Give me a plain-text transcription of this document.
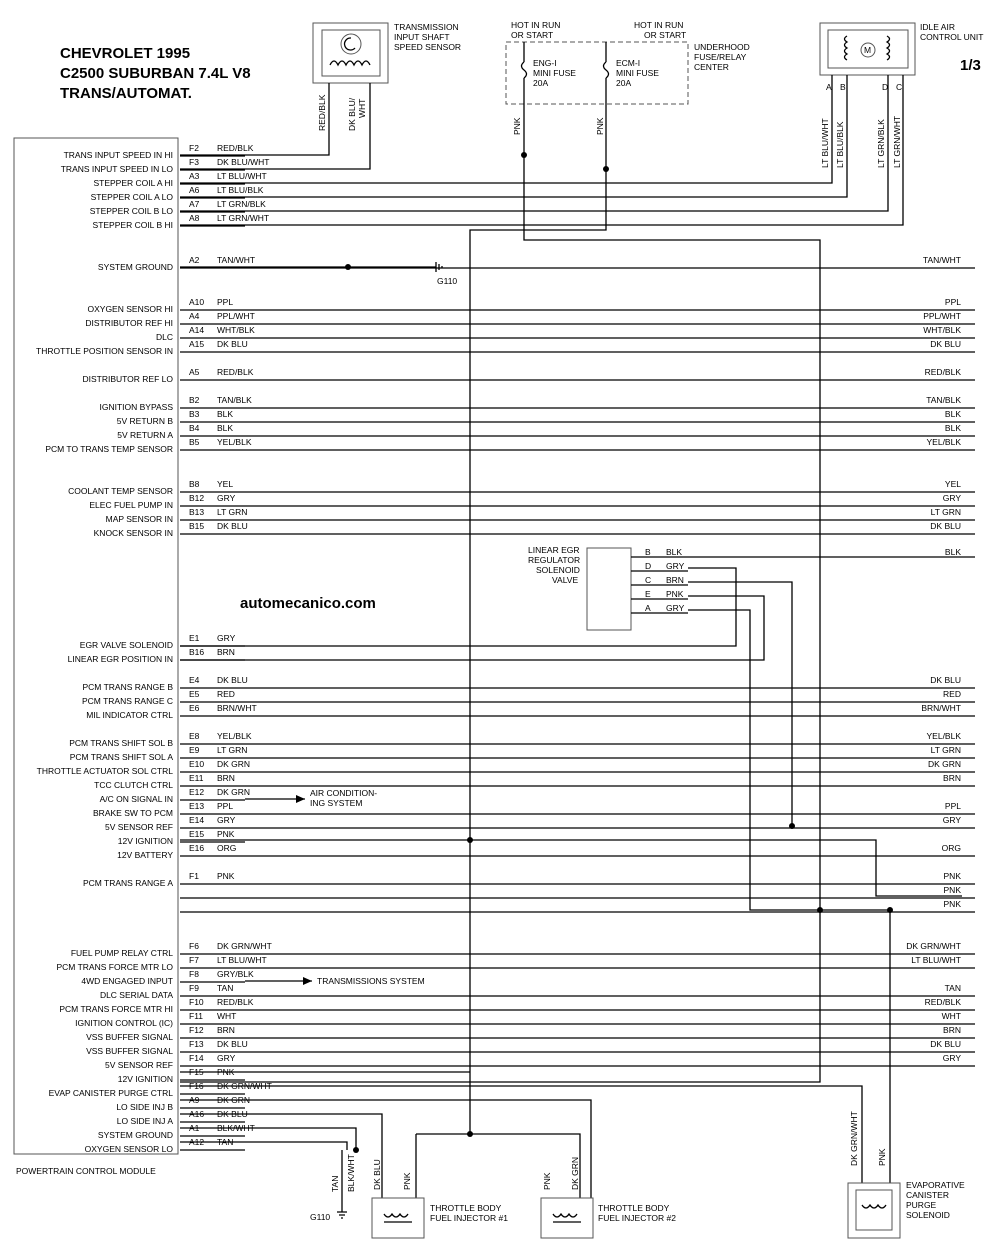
CHEVROLET 1995
C2500 SUBURBAN 7.4L V8
TRANS/AUTOMAT.
1/3
automecanico.com
POWERTRAIN CONTROL MODULE
TRANS INPUT SPEED IN HI
F2 RED/BLK
TRANS INPUT SPEED IN LO
F3 DK BLU/WHT
STEPPER COIL A HI
A3 LT BLU/WHT
STEPPER COIL A LO
A6 LT BLU/BLK
STEPPER COIL B LO
A7 LT GRN/BLK
STEPPER COIL B HI
A8 LT GRN/WHT
SYSTEM GROUND
A2 TAN/WHT	TAN/WHT
OXYGEN SENSOR HI
A10 PPL	PPL
DISTRIBUTOR REF HI
A4 PPL/WHT	PPL/WHT
DLC
A14 WHT/BLK	WHT/BLK
THROTTLE POSITION SENSOR IN
A15 DK BLU	DK BLU
DISTRIBUTOR REF LO
A5 RED/BLK	RED/BLK
IGNITION BYPASS
B2 TAN/BLK	TAN/BLK
5V RETURN B
B3 BLK	BLK
5V RETURN A
B4 BLK	BLK
PCM TO TRANS TEMP SENSOR
B5 YEL/BLK	YEL/BLK
COOLANT TEMP SENSOR
B8 YEL	YEL
ELEC FUEL PUMP IN
B12 GRY	GRY
MAP SENSOR IN
B13 LT GRN	LT GRN
KNOCK SENSOR IN
B15 DK BLU	DK BLU
EGR VALVE SOLENOID
E1 GRY
LINEAR EGR POSITION IN
B16 BRN
PCM TRANS RANGE B
E4 DK BLU	DK BLU
PCM TRANS RANGE C
E5 RED	RED
MIL INDICATOR CTRL
E6 BRN/WHT	BRN/WHT
PCM TRANS SHIFT SOL B
E8 YEL/BLK	YEL/BLK
PCM TRANS SHIFT SOL A
E9 LT GRN	LT GRN
THROTTLE ACTUATOR SOL CTRL
E10 DK GRN	DK GRN
TCC CLUTCH CTRL
E11 BRN	BRN
A/C ON SIGNAL IN
E12 DK GRN
BRAKE SW TO PCM
E13 PPL	PPL
5V SENSOR REF
E14 GRY	GRY
12V IGNITION
E15 PNK
12V BATTERY
E16 ORG	ORG
PCM TRANS RANGE A
F1 PNK	PNK
PNK
PNK
FUEL PUMP RELAY CTRL
F6 DK GRN/WHT	DK GRN/WHT
PCM TRANS FORCE MTR LO
F7 LT BLU/WHT	LT BLU/WHT
4WD ENGAGED INPUT
F8 GRY/BLK
DLC SERIAL DATA
F9 TAN	TAN
PCM TRANS FORCE MTR HI
F10 RED/BLK	RED/BLK
IGNITION CONTROL (IC)
F11 WHT	WHT
VSS BUFFER SIGNAL
F12 BRN	BRN
VSS BUFFER SIGNAL
F13 DK BLU	DK BLU
5V SENSOR REF
F14 GRY	GRY
12V IGNITION
F15 PNK
EVAP CANISTER PURGE CTRL
F16 DK GRN/WHT
LO SIDE INJ B
A9 DK GRN
LO SIDE INJ A
A16 DK BLU
SYSTEM GROUND
A1 BLK/WHT
OXYGEN SENSOR LO
A12 TAN
TRANSMISSION
INPUT SHAFT
SPEED SENSOR
RED/BLK DK BLU/ WHT
HOT IN RUN
OR START
HOT IN RUN
OR START
UNDERHOOD
FUSE/RELAY
CENTER
ENG-I
MINI FUSE
20A
ECM-I
MINI FUSE
20A
PNK	PNK
M
IDLE AIR
CONTROL UNIT
A B	D C
LT BLU/WHT LT BLU/BLK	LT GRN/BLK LT GRN/WHT
G110
LINEAR EGR
REGULATOR
SOLENOID
VALVE
B BLK
D GRY
C BRN
E PNK
A GRY
BLK
AIR CONDITION-
ING SYSTEM
TRANSMISSIONS SYSTEM
G110
TAN BLK/WHT DK BLU PNK	PNK DK GRN
DK GRN/WHT PNK
THROTTLE BODY
FUEL INJECTOR #1
THROTTLE BODY
FUEL INJECTOR #2
EVAPORATIVE
CANISTER
PURGE
SOLENOID
